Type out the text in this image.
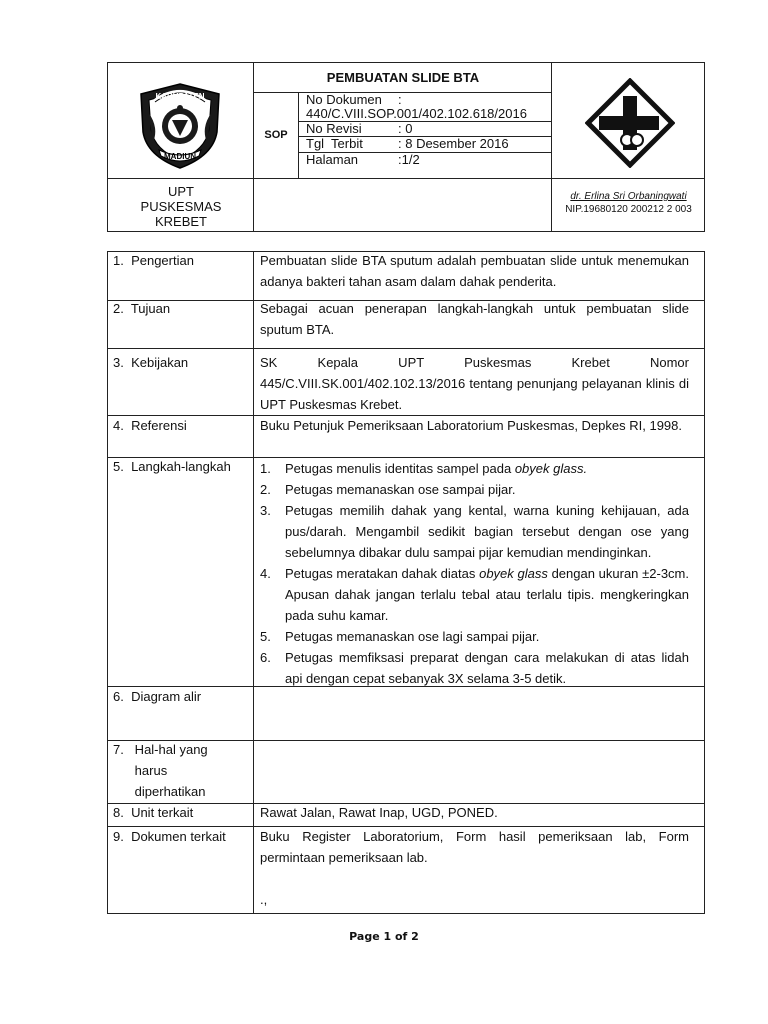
KABUPATEN
MADIUN
PEMBUATAN SLIDE BTA
SOP
No Dokumen :
440/C.VIII.SOP.001/402.102.618/2016
No Revisi	: 0
Tgl  Terbit	: 8 Desember 2016
Halaman	:1/2
UPT
PUSKESMAS
KREBET
dr. Erlina Sri Orbaningwati
NIP.19680120 200212 2 003
1.  Pengertian	Pembuatan slide BTA sputum adalah pembuatan slide untuk menemukan adanya bakteri tahan asam dalam dahak penderita.
2.  Tujuan	Sebagai acuan penerapan langkah-langkah untuk pembuatan slide sputum BTA.
3.  Kebijakan	SK Kepala UPT Puskesmas Krebet Nomor 445/C.VIII.SK.001/402.102.13/2016 tentang penunjang pelayanan klinis di UPT Puskesmas Krebet.
4.  Referensi	Buku Petunjuk Pemeriksaan Laboratorium Puskesmas, Depkes RI, 1998.
5.  Langkah-langkah 1. Petugas menulis identitas sampel pada obyek glass.
2. Petugas memanaskan ose sampai pijar.
3. Petugas memilih dahak yang kental, warna kuning kehijauan, ada pus/darah. Mengambil sedikit bagian tersebut dengan ose yang sebelumnya dibakar dulu sampai pijar kemudian mendinginkan.
4. Petugas meratakan dahak diatas obyek glass dengan ukuran ±2-3cm. Apusan dahak jangan terlalu tebal atau terlalu tipis. mengkeringkan pada suhu kamar.
5. Petugas memanaskan ose lagi sampai pijar.
6. Petugas memfiksasi preparat dengan cara melakukan di atas lidah api dengan cepat sebanyak 3X selama 3-5 detik.
6.  Diagram alir
7.   Hal-hal yang
harus
diperhatikan
8.  Unit terkait	Rawat Jalan, Rawat Inap, UGD, PONED.
9.  Dokumen terkait	Buku Register Laboratorium, Form hasil pemeriksaan lab, Form permintaan pemeriksaan lab.
.,
Page 1 of 2
